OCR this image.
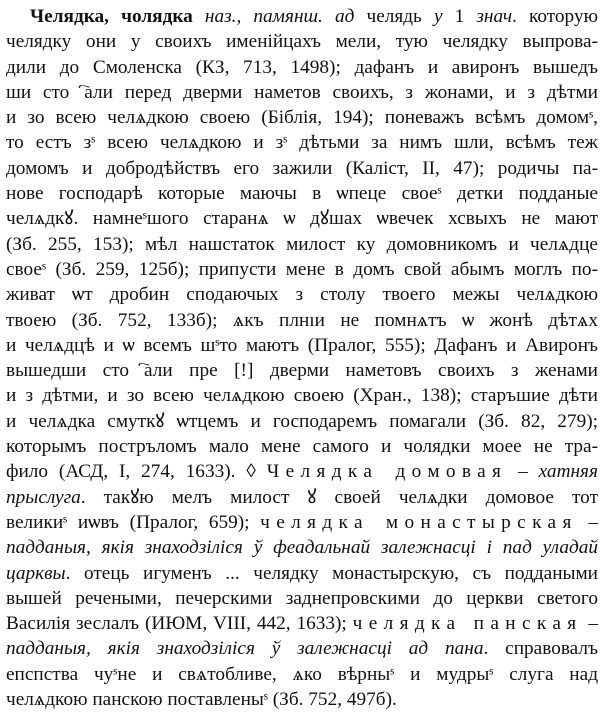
Челядка, чолядка наз., памянш. ад чeлядь у 1 знач. которую
челядку они у своихъ именійцахъ мели, тую челядку выпрова-
дили до Смоленска (КЗ, 713, 1498); дафанъ и авиронъ вышедъ
ши стоⷧ҇али перед дверми наметов своихъ, з жонами, и з дѣтми
и зо всею челѧдкою своею (Біблія, 194); поневажъ всѣмъ домомˢ,
то естъ зˢ всею челѧдкою и зˢ дѣтьми за нимъ шли, всѣмъ теж
домомъ и добродѣйствъ его зажили (Каліст, II, 47); родичы па-
нове господарѣ которые маючы в ѡпеце своеˢ детки подданые
челѧдкꙋ. намнеˢшого старанѧ ѡ дꙋшах ѡвечек хсвыхъ не мают
(Зб. 255, 153); мѣл нашстаток милост ку домовникомъ и челѧдце
своеˢ (Зб. 259, 125б); припусти мене в домъ свой абымъ моглъ по-
живат ѡт дробин сподаючых з столу твоего межы челѧдкою
твоею (Зб. 752, 133б); ѧкъ плнıи не помнѧтъ ѡ жонѣ дѣтѧх
и челѧдцѣ и ѡ всемъ шˢто маютъ (Пралог, 555); Дафанъ и Авиронъ
вышедши стоⷧ҇али пре [!] дверми наметовъ своихъ з женами
и з дѣтми, и зо всею челѧдкою своею (Хран., 138); старъшие дѣти
и челѧдка смуткꙋ ѡтцемъ и господаремъ помагали (Зб. 82, 279);
которымъ постръломъ мало мене самого и чолядки моее не тра-
фило (АСД, I, 274, 1633). ◊ Челядка домовая – хатняя
прыслуга. такꙋю мелъ милост ꙋ своей челѧдки домовое тот
великиˢ иѡвъ (Пралог, 659); челядка монастырская –
падданыя, якія знаходзіліся ў феадальнай залежнасці і пад уладай
царквы. отець игуменъ ... челядку монастырскую, съ поддаными
вышей речеными, печерскими заднепровскими до церкви светого
Василія зеслалъ (ИЮМ, VIII, 442, 1633); челядка панская –
падданыя, якія знаходзіліся ў залежнасці ад пана. справовалъ
епспства чуˢне и свѧтобливе, ѧко вѣрныˢ и мудрыˢ слуга над
челѧдкою панскою поставленыˢ (Зб. 752, 497б).
